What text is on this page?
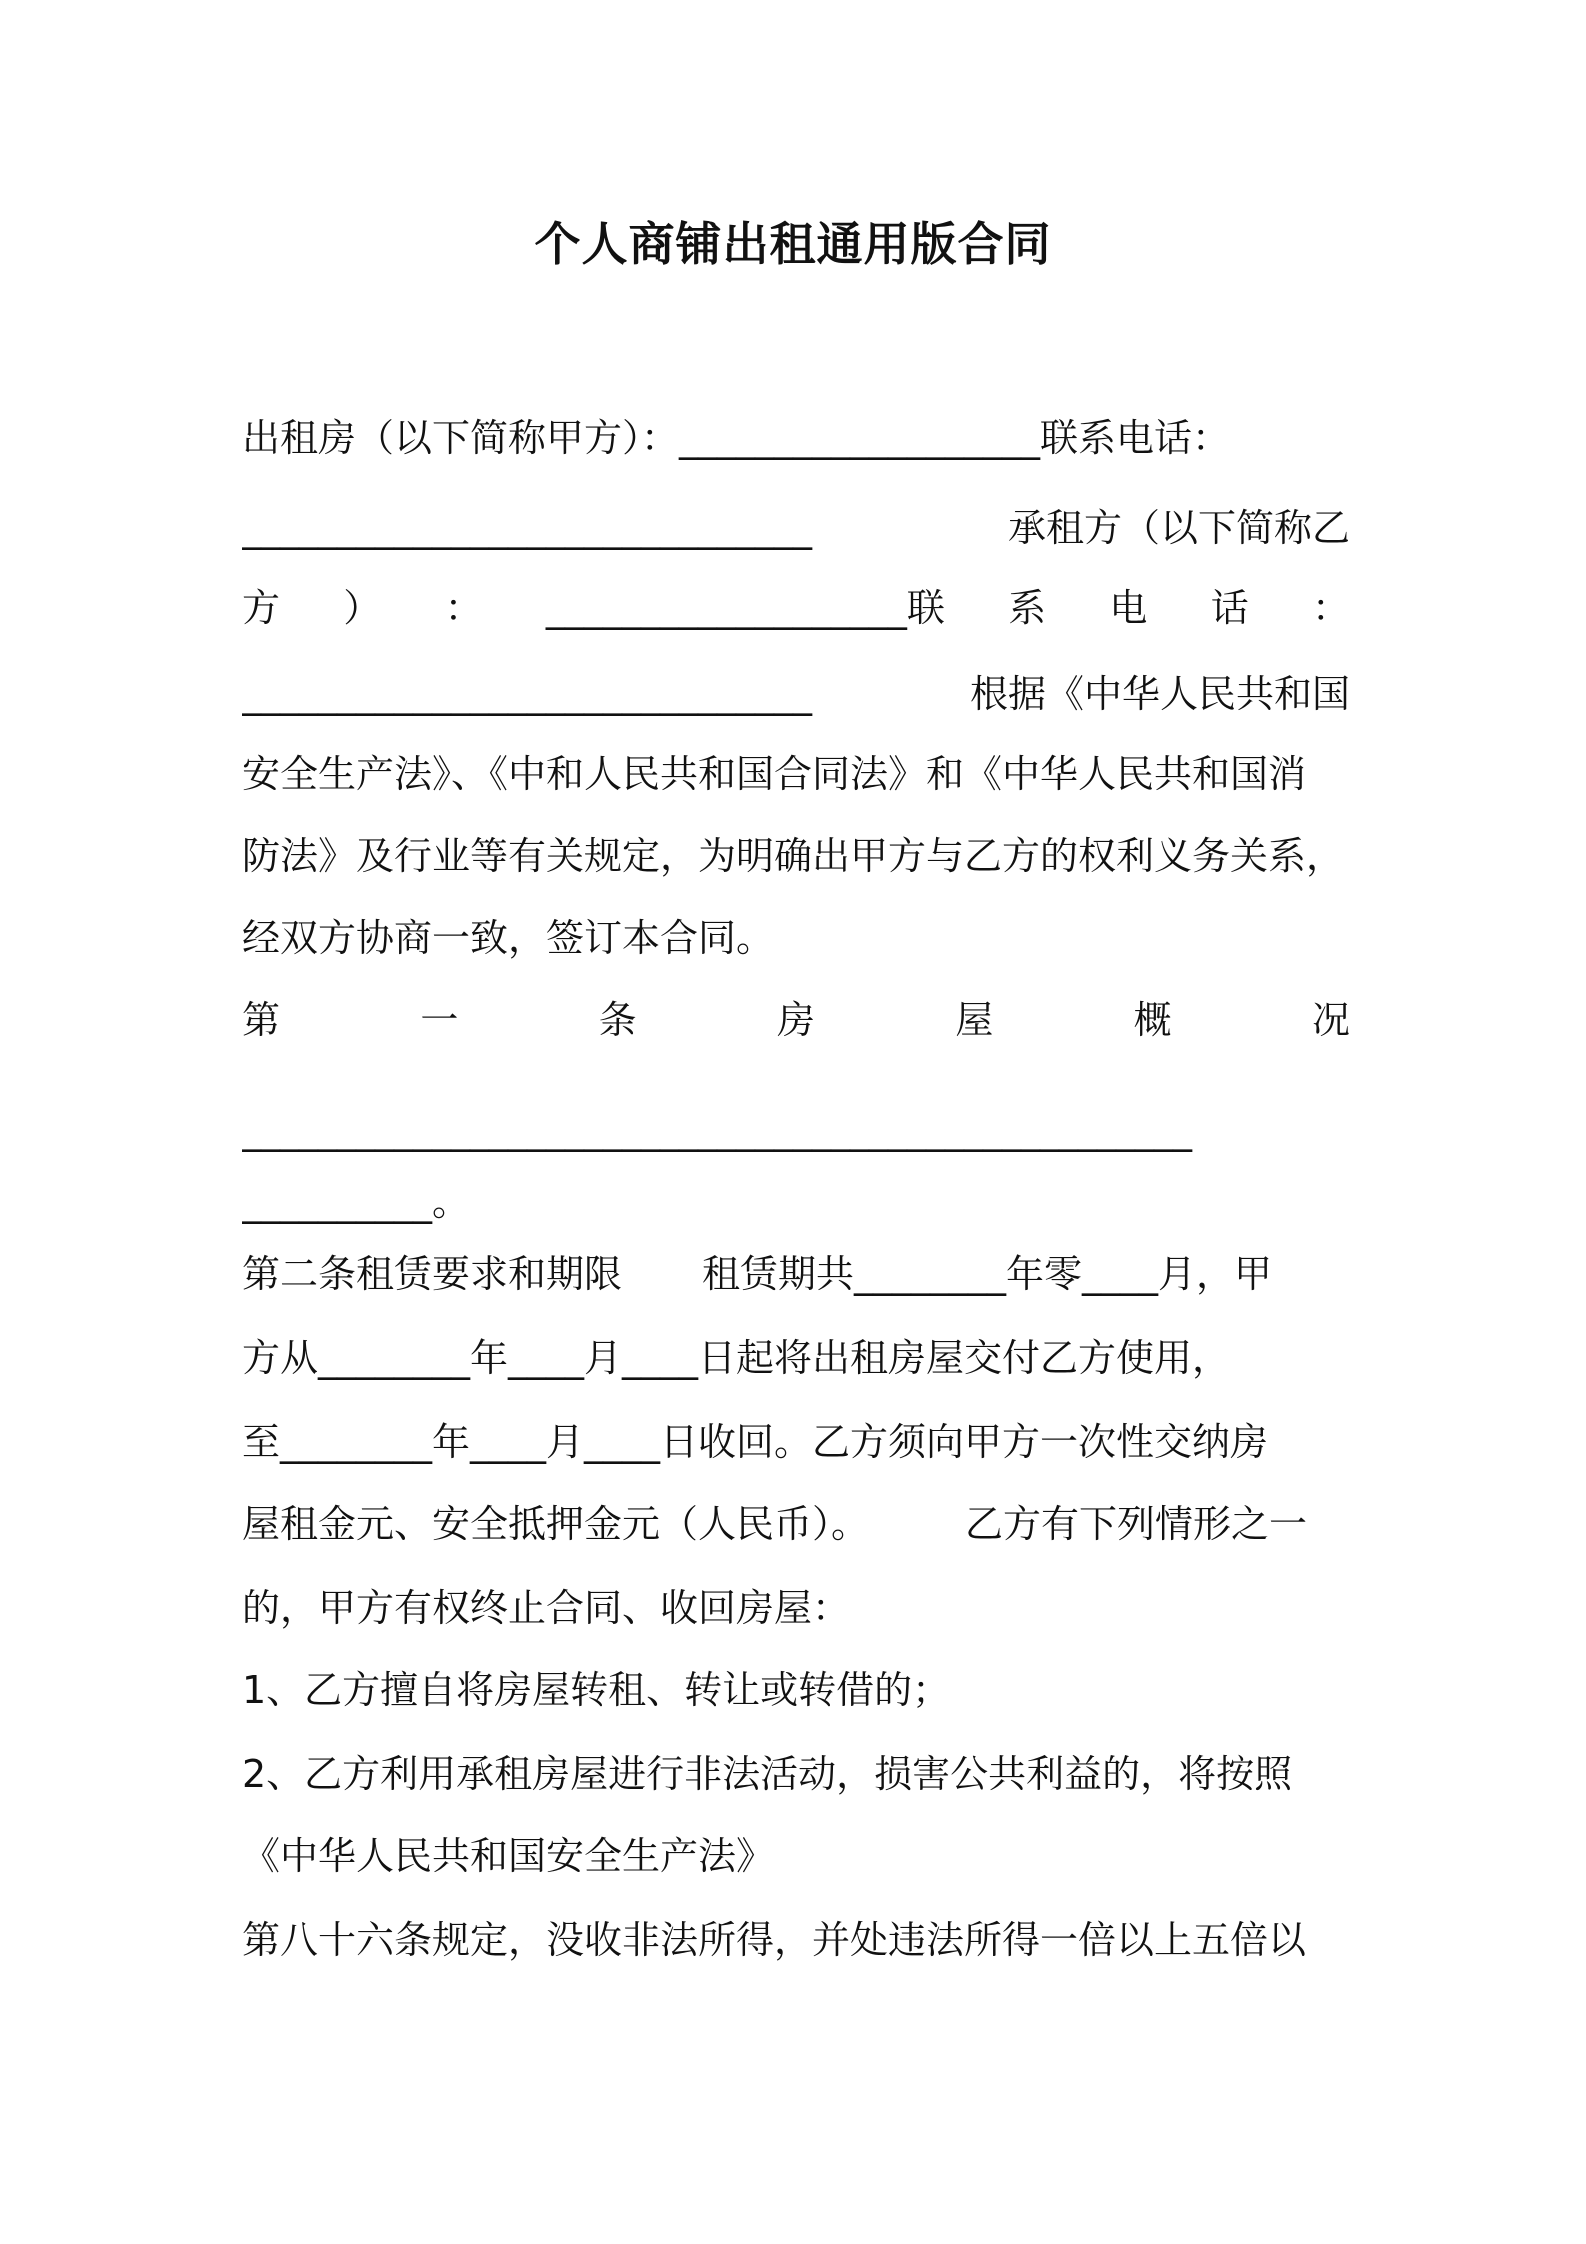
个人商铺出租通用版合同
出租房（以下简称甲方）：___________________联系电话：
______________________________	承租方（以下简称乙
方 ） ： ___________________联 系 电 话 ：
______________________________	根据《中华人民共和国
安全生产法》、《中和人民共和国合同法》和《中华人民共和国消
防法》及行业等有关规定，为明确出甲方与乙方的权利义务关系，
经双方协商一致，签订本合同。
第	一	条	房	屋	概	况
__________________________________________________
__________。
第二条租赁要求和期限 租赁期共________年零____月，甲
方从________年____月____日起将出租房屋交付乙方使用，
至________年____月____日收回。乙方须向甲方一次性交纳房
屋租金元、安全抵押金元（人民币）。	乙方有下列情形之一
的，甲方有权终止合同、收回房屋：
1、乙方擅自将房屋转租、转让或转借的；
2、乙方利用承租房屋进行非法活动，损害公共利益的，将按照
《中华人民共和国安全生产法》
第八十六条规定，没收非法所得，并处违法所得一倍以上五倍以
